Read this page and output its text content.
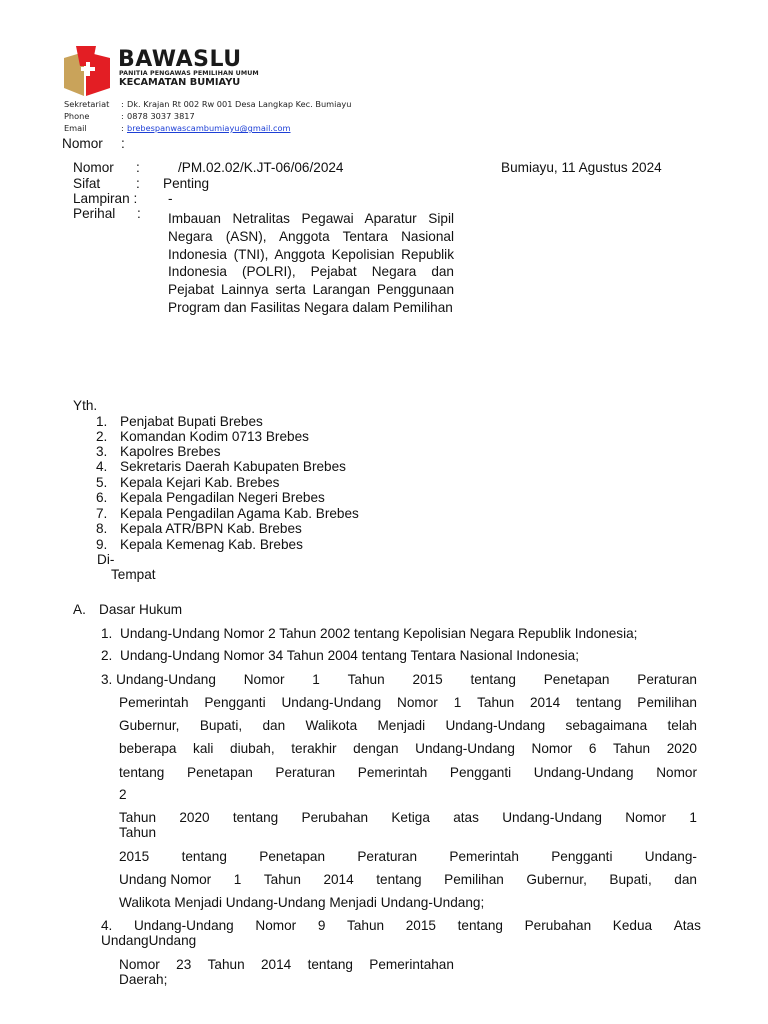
BAWASLU
PANITIA PENGAWAS PEMILIHAN UMUM
KECAMATAN BUMIAYU
Sekretariat : Dk. Krajan Rt 002 Rw 001 Desa Langkap Kec. Bumiayu
Phone	: 0878 3037 3817
Email	: brebespanwascambumiayu@gmail.com
Nomor :
Nomor :	/PM.02.02/K.JT-06/06/2024	Bumiayu, 11 Agustus 2024
Sifat	: Penting
Lampiran : -
Perihal : Imbauan Netralitas Pegawai Aparatur Sipil Negara (ASN), Anggota Tentara Nasional Indonesia (TNI), Anggota Kepolisian Republik Indonesia (POLRI), Pejabat Negara dan Pejabat Lainnya serta Larangan Penggunaan Program dan Fasilitas Negara dalam Pemilihan
Yth.
1. Penjabat Bupati Brebes
2. Komandan Kodim 0713 Brebes
3. Kapolres Brebes
4. Sekretaris Daerah Kabupaten Brebes
5. Kepala Kejari Kab. Brebes
6. Kepala Pengadilan Negeri Brebes
7. Kepala Pengadilan Agama Kab. Brebes
8. Kepala ATR/BPN Kab. Brebes
9. Kepala Kemenag Kab. Brebes
Di-
Tempat
A. Dasar Hukum
1. Undang-Undang Nomor 2 Tahun 2002 tentang Kepolisian Negara Republik Indonesia;
2. Undang-Undang Nomor 34 Tahun 2004 tentang Tentara Nasional Indonesia;
3. Undang-Undang Nomor 1 Tahun 2015 tentang Penetapan Peraturan
Pemerintah Pengganti Undang-Undang Nomor 1 Tahun 2014 tentang Pemilihan
Gubernur, Bupati, dan Walikota Menjadi Undang-Undang sebagaimana telah
beberapa kali diubah, terakhir dengan Undang-Undang Nomor 6 Tahun 2020
tentang Penetapan Peraturan Pemerintah Pengganti Undang-Undang Nomor
2
Tahun 2020 tentang Perubahan Ketiga atas Undang-Undang Nomor 1
Tahun
2015 tentang Penetapan Peraturan Pemerintah Pengganti Undang-
Undang Nomor 1 Tahun 2014 tentang Pemilihan Gubernur, Bupati, dan
Walikota Menjadi Undang-Undang Menjadi Undang-Undang;
4. Undang-Undang Nomor 9 Tahun 2015 tentang Perubahan Kedua Atas
UndangUndang
Nomor 23 Tahun 2014 tentang Pemerintahan
Daerah;
